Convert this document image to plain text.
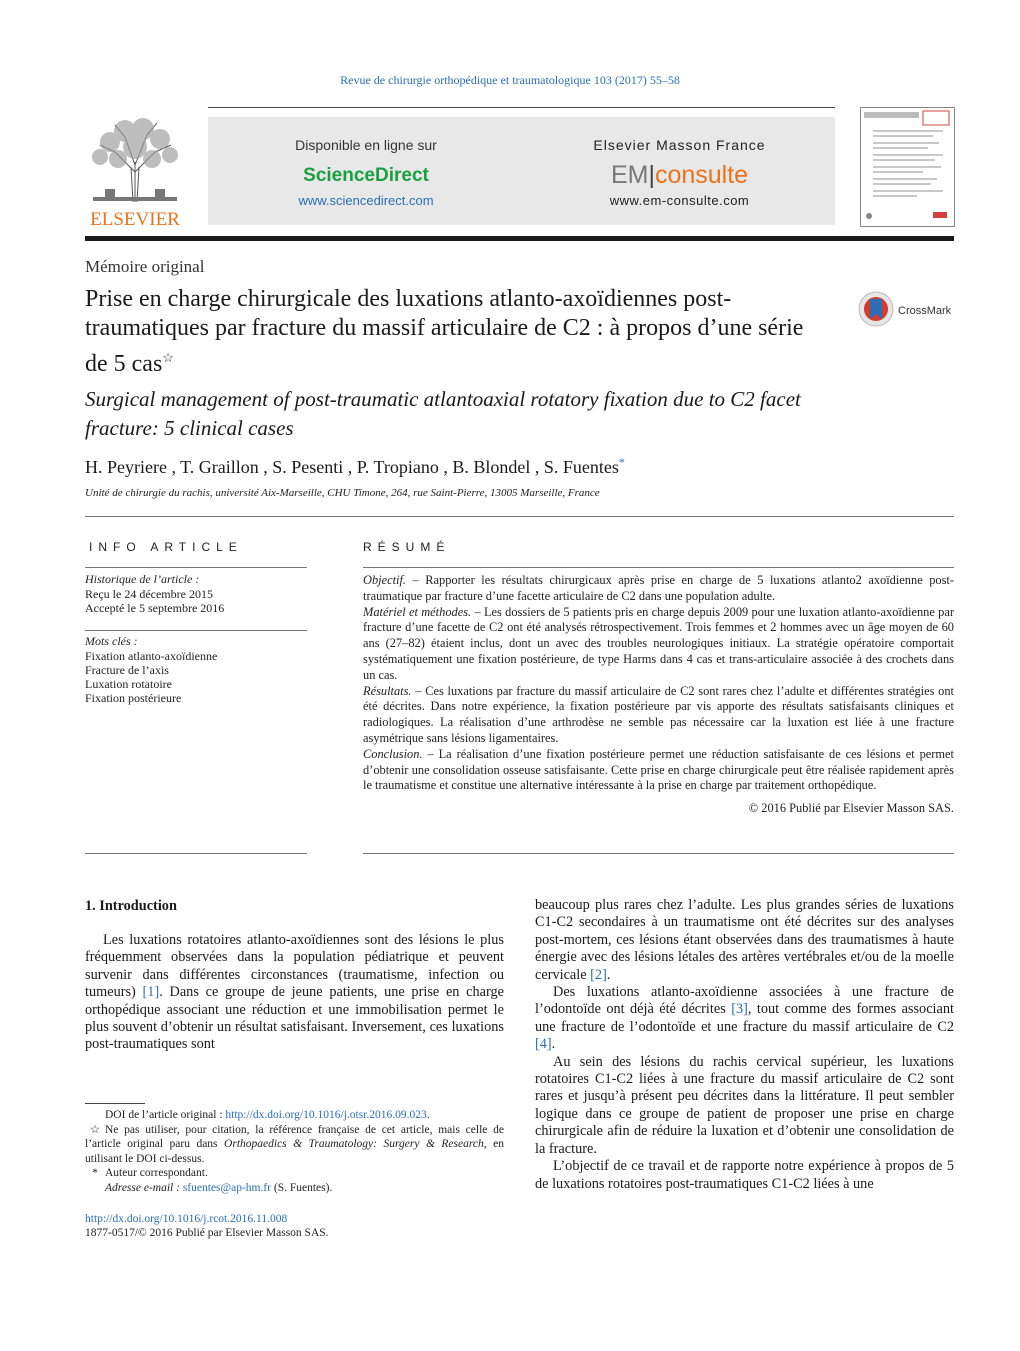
Revue de chirurgie orthopédique et traumatologique 103 (2017) 55–58
ELSEVIER
Disponible en ligne sur
ScienceDirect
www.sciencedirect.com
Elsevier Masson France
EM|consulte
www.em-consulte.com
Mémoire original
Prise en charge chirurgicale des luxations atlanto-axoïdiennes post-traumatiques par fracture du massif articulaire de C2 : à propos d’une série de 5 cas☆
Surgical management of post-traumatic atlantoaxial rotatory fixation due to C2 facet fracture: 5 clinical cases
CrossMark
H. Peyriere , T. Graillon , S. Pesenti , P. Tropiano , B. Blondel , S. Fuentes*
Unité de chirurgie du rachis, université Aix-Marseille, CHU Timone, 264, rue Saint-Pierre, 13005 Marseille, France
INFO ARTICLE
Historique de l’article :
Reçu le 24 décembre 2015
Accepté le 5 septembre 2016
Mots clés :
Fixation atlanto-axoïdienne
Fracture de l’axis
Luxation rotatoire
Fixation postérieure
RÉSUMÉ

Objectif. – Rapporter les résultats chirurgicaux après prise en charge de 5 luxations atlanto2 axoïdienne post-traumatique par fracture d’une facette articulaire de C2 dans une population adulte.

Matériel et méthodes. – Les dossiers de 5 patients pris en charge depuis 2009 pour une luxation atlanto-axoïdienne par fracture d’une facette de C2 ont été analysés rétrospectivement. Trois femmes et 2 hommes avec un âge moyen de 60 ans (27–82) étaient inclus, dont un avec des troubles neurologiques initiaux. La stratégie opératoire comportait systématiquement une fixation postérieure, de type Harms dans 4 cas et trans-articulaire associée à des crochets dans un cas.

Résultats. – Ces luxations par fracture du massif articulaire de C2 sont rares chez l’adulte et différentes stratégies ont été décrites. Dans notre expérience, la fixation postérieure par vis apporte des résultats satisfaisants cliniques et radiologiques. La réalisation d’une arthrodèse ne semble pas nécessaire car la luxation est liée à une fracture asymétrique sans lésions ligamentaires.

Conclusion. – La réalisation d’une fixation postérieure permet une réduction satisfaisante de ces lésions et permet d’obtenir une consolidation osseuse satisfaisante. Cette prise en charge chirurgicale peut être réalisée rapidement après le traumatisme et constitue une alternative intéressante à la prise en charge par traitement orthopédique.

© 2016 Publié par Elsevier Masson SAS.

1. Introduction

Les luxations rotatoires atlanto-axoïdiennes sont des lésions le plus fréquemment observées dans la population pédiatrique et peuvent survenir dans différentes circonstances (traumatisme, infection ou tumeurs) [1]. Dans ce groupe de jeune patients, une prise en charge orthopédique associant une réduction et une immobilisation permet le plus souvent d’obtenir un résultat satisfaisant. Inversement, ces luxations post-traumatiques sont

beaucoup plus rares chez l’adulte. Les plus grandes séries de luxations C1-C2 secondaires à un traumatisme ont été décrites sur des analyses post-mortem, ces lésions étant observées dans des traumatismes à haute énergie avec des lésions létales des artères vertébrales et/ou de la moelle cervicale [2].

Des luxations atlanto-axoïdienne associées à une fracture de l’odontoïde ont déjà été décrites [3], tout comme des formes associant une fracture de l’odontoïde et une fracture du massif articulaire de C2 [4].

Au sein des lésions du rachis cervical supérieur, les luxations rotatoires C1-C2 liées à une fracture du massif articulaire de C2 sont rares et jusqu’à présent peu décrites dans la littérature. Il peut sembler logique dans ce groupe de patient de proposer une prise en charge chirurgicale afin de réduire la luxation et d’obtenir une consolidation de la fracture.

L’objectif de ce travail et de rapporte notre expérience à propos de 5 de luxations rotatoires post-traumatiques C1-C2 liées à une

DOI de l’article original : http://dx.doi.org/10.1016/j.otsr.2016.09.023.
☆ Ne pas utiliser, pour citation, la référence française de cet article, mais celle de l’article original paru dans Orthopaedics & Traumatology: Surgery & Research, en utilisant le DOI ci-dessus.
* Auteur correspondant.
Adresse e-mail : sfuentes@ap-hm.fr (S. Fuentes).
http://dx.doi.org/10.1016/j.rcot.2016.11.008
1877-0517/© 2016 Publié par Elsevier Masson SAS.
